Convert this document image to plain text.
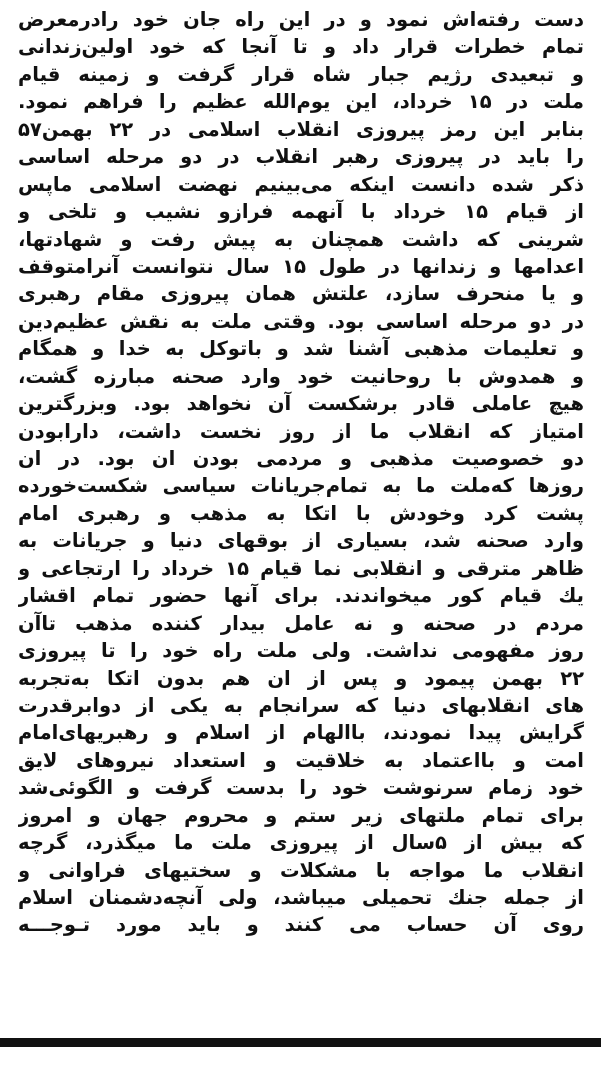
دست رفته‌اش نمود و در این راه جان خود رادرمعرض
تمام خطرات قرار داد و تا آنجا که خود اولین‌زندانی
و تبعیدی رژیم جبار شاه قرار گرفت و زمینه قیام
ملت در ۱۵ خرداد، این یوم‌الله عظیم را فراهم نمود.
بنابر این رمز پیروزی انقلاب اسلامی در ۲۲ بهمن۵۷
را باید در پیروزی رهبر انقلاب در دو مرحله اساسی
ذکر شده دانست اینکه می‌بینیم نهضت اسلامی ماپس
از قیام ۱۵ خرداد با آنهمه فرازو نشیب و تلخی و
شرینی که داشت همچنان به پیش رفت و شهادتها،
اعدامها و زندانها در طول ۱۵ سال نتوانست آنرامتوقف
و یا منحرف سازد، علتش همان پیروزی مقام رهبری
در دو مرحله اساسی بود. وقتی ملت به نقش عظیم‌دین
و تعلیمات مذهبی آشنا شد و باتوکل به خدا و همگام
و همدوش با روحانیت خود وارد صحنه مبارزه گشت،
هیچ عاملی قادر برشکست آن نخواهد بود. وبزرگترین
امتیاز که انقلاب ما از روز نخست داشت، دارابودن
دو خصوصیت مذهبی و مردمی بودن ان بود. در ان
روزها که‌ملت ما به تمام‌جریانات سیاسی شکست‌خورده
پشت کرد وخودش با اتکا به مذهب و رهبری امام
وارد صحنه شد، بسیاری از بوقهای دنیا و جریانات به
ظاهر مترقی و انقلابی نما قیام ۱۵ خرداد را ارتجاعی و
یك قیام کور میخواندند. برای آنها حضور تمام اقشار
مردم در صحنه و نه عامل بیدار کننده مذهب تاآن
روز مفهومی نداشت. ولی ملت راه خود را تا پیروزی
۲۲ بهمن پیمود و پس از ان هم بدون اتکا به‌تجربه
های انقلابهای دنیا که سرانجام به یکی از دوابرقدرت
گرایش پیدا نمودند، باالهام از اسلام و رهبریهای‌امام
امت و بااعتماد به خلاقیت و استعداد نیروهای لایق
خود زمام سرنوشت خود را بدست گرفت و الگوئی‌شد
برای تمام ملتهای زیر ستم و محروم جهان و امروز
که بیش از ۵سال از پیروزی ملت ما میگذرد، گرچه
انقلاب ما مواجه با مشکلات و سختیهای فراوانی و
از جمله جنك تحمیلی میباشد، ولی آنچه‌دشمنان اسلام
روی آن حساب می کنند و باید مورد تـوجـــه
